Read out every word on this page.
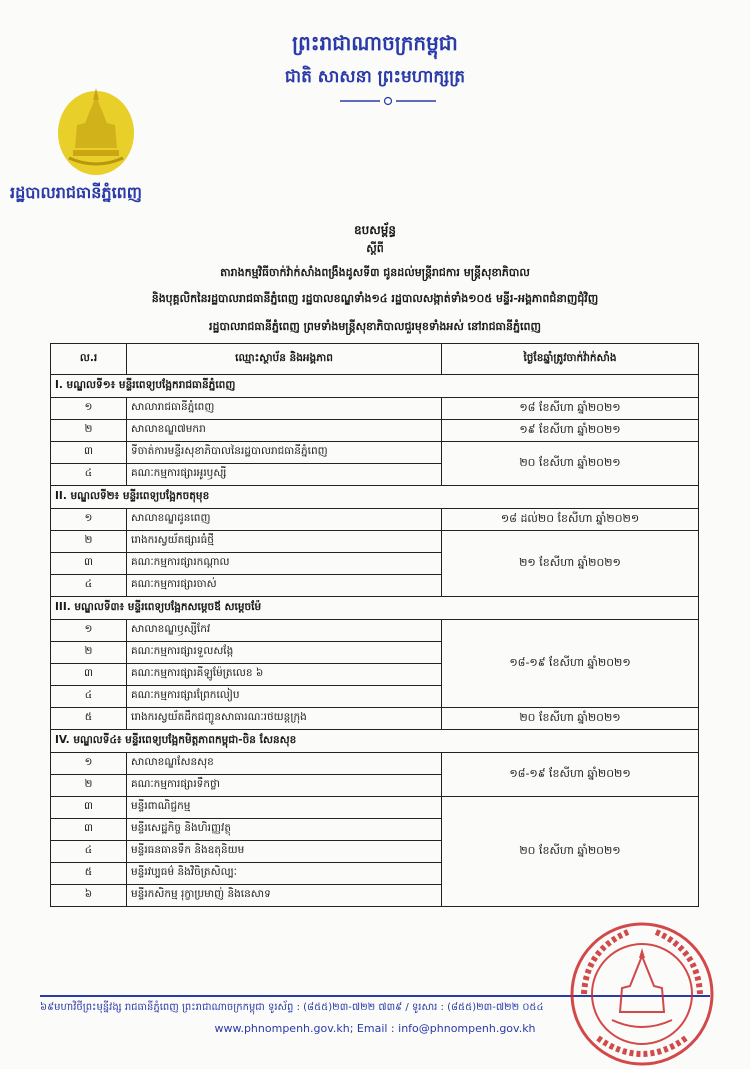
ព្រះរាជាណាចក្រកម្ពុជា
ជាតិ សាសនា ព្រះមហាក្សត្រ
រដ្ឋបាលរាជធានីភ្នំពេញ
ឧបសម្ព័ន្ធ
ស្ដីពី
តារាងកម្មវិធីចាក់វ៉ាក់សាំងពង្រឹងដូសទី៣ ជូនដល់មន្ត្រីរាជការ មន្ត្រីសុខាភិបាល
និងបុគ្គលិកនៃរដ្ឋបាលរាជធានីភ្នំពេញ រដ្ឋបាលខណ្ឌទាំង១៤ រដ្ឋបាលសង្កាត់ទាំង១០៥ មន្ទីរ-អង្គភាពជំនាញជុំវិញ
រដ្ឋបាលរាជធានីភ្នំពេញ ព្រមទាំងមន្ត្រីសុខាភិបាលជួរមុខទាំងអស់ នៅរាជធានីភ្នំពេញ
ល.រ	ឈ្មោះស្ថាប័ន និងអង្គភាព	ថ្ងៃខែឆ្នាំត្រូវចាក់វ៉ាក់សាំង
I. មណ្ឌលទី១៖ មន្ទីរពេទ្យបង្អែករាជធានីភ្នំពេញ		
១	សាលារាជធានីភ្នំពេញ	១៨ ខែសីហា ឆ្នាំ២០២១
២	សាលាខណ្ឌ៧មករា	១៩ ខែសីហា ឆ្នាំ២០២១
៣	ទីចាត់ការមន្ទីរសុខាភិបាលនៃរដ្ឋបាលរាជធានីភ្នំពេញ	២០ ខែសីហា ឆ្នាំ២០២១
៤	គណៈកម្មការផ្សារអូរឫស្សី	
II. មណ្ឌលទី២៖ មន្ទីរពេទ្យបង្អែកចតុមុខ		
១	សាលាខណ្ឌដូនពេញ	១៨ ដល់២០ ខែសីហា ឆ្នាំ២០២១
២	រោងករស្វយ័តផ្សារធំថ្មី	២១ ខែសីហា ឆ្នាំ២០២១
៣	គណៈកម្មការផ្សារកណ្ដាល	
៤	គណៈកម្មការផ្សារចាស់	
III. មណ្ឌលទី៣៖ មន្ទីរពេទ្យបង្អែកសម្ដេចឪ សម្ដេចម៉ែ		
១	សាលាខណ្ឌឫស្សីកែវ	១៨-១៩ ខែសីហា ឆ្នាំ២០២១
២	គណៈកម្មការផ្សារទួលសង្កែ	
៣	គណៈកម្មការផ្សារគីឡូម៉ែត្រលេខ ៦	
៤	គណៈកម្មការផ្សារព្រែកលៀប	
៥	រោងករស្វយ័តដឹកជញ្ជូនសាធារណៈរថយន្តក្រុង	២០ ខែសីហា ឆ្នាំ២០២១
IV. មណ្ឌលទី៤៖ មន្ទីរពេទ្យបង្អែកមិត្តភាពកម្ពុជា-ចិន សែនសុខ		
១	សាលាខណ្ឌសែនសុខ	១៨-១៩ ខែសីហា ឆ្នាំ២០២១
២	គណៈកម្មការផ្សារទឹកថ្លា	
៣	មន្ទីរពាណិជ្ជកម្ម	២០ ខែសីហា ឆ្នាំ២០២១
៣	មន្ទីរសេដ្ឋកិច្ច និងហិរញ្ញវត្ថុ	
៤	មន្ទីរធនធានទឹក និងឧតុនិយម	
៥	មន្ទីរវប្បធម៌ និងវិចិត្រសិល្បៈ	
៦	មន្ទីរកសិកម្ម រុក្ខាប្រមាញ់ និងនេសាទ	
៦៩មហាវិថីព្រះមុន្នីវង្ស រាជធានីភ្នំពេញ ព្រះរាជាណាចក្រកម្ពុជា ទូរស័ព្ទ : (៨៥៥)២៣-៧២២ ៧៣៩ / ទូរសារ : (៨៥៥)២៣-៧២២ ០៥៤
www.phnompenh.gov.kh; Email : info@phnompenh.gov.kh
